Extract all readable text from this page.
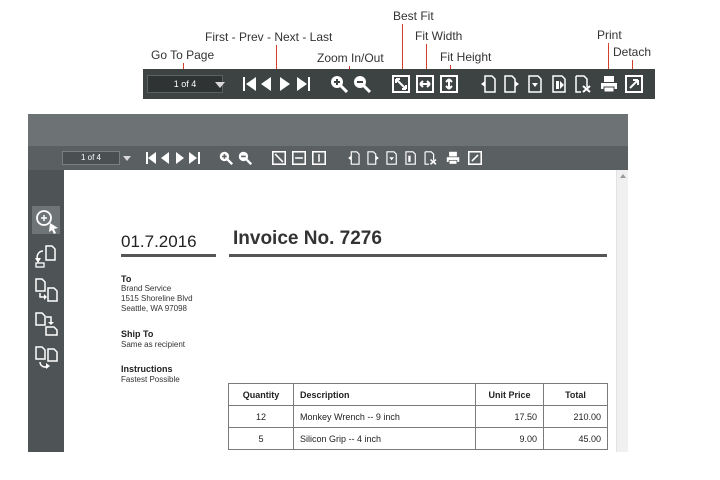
Best Fit
First - Prev - Next - Last	Fit Width	Print
Go To Page	Zoom In/Out	Fit Height	Detach
1 of 4
1 of 4
01.7.2016 Invoice No. 7276
To
Brand Service
1515 Shoreline Blvd
Seattle, WA 97098
Ship To
Same as recipient
Instructions
Fastest Possible
Quantity	Description	Unit Price	Total
12	Monkey Wrench -- 9 inch	17.50	210.00
5	Silicon Grip -- 4 inch	9.00	45.00
